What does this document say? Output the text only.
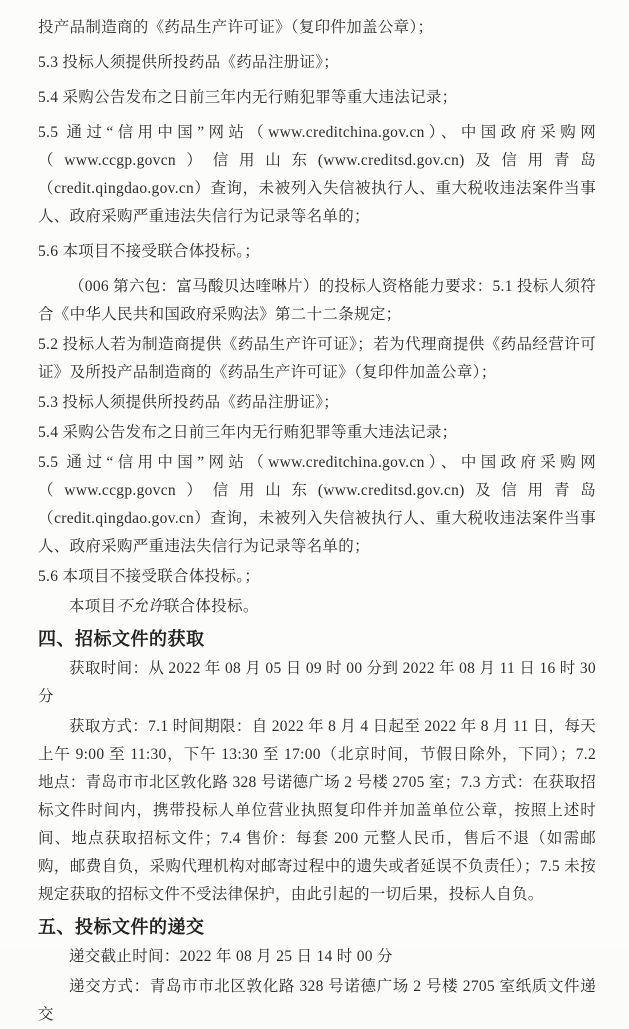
投产品制造商的《药品生产许可证》（复印件加盖公章）；

5.3 投标人须提供所投药品《药品注册证》；

5.4 采购公告发布之日前三年内无行贿犯罪等重大违法记录；

5.5 通过“信用中国”网站（www.creditchina.gov.cn）、中国政府采购网（www.ccgp.govcn）信用山东(www.creditsd.gov.cn)及信用青岛（credit.qingdao.gov.cn）查询，未被列入失信被执行人、重大税收违法案件当事人、政府采购严重违法失信行为记录等名单的；

5.6 本项目不接受联合体投标。；

（006 第六包：富马酸贝达喹啉片）的投标人资格能力要求：5.1 投标人须符合《中华人民共和国政府采购法》第二十二条规定；

5.2 投标人若为制造商提供《药品生产许可证》；若为代理商提供《药品经营许可证》及所投产品制造商的《药品生产许可证》（复印件加盖公章）；

5.3 投标人须提供所投药品《药品注册证》；

5.4 采购公告发布之日前三年内无行贿犯罪等重大违法记录；

5.5 通过“信用中国”网站（www.creditchina.gov.cn）、中国政府采购网（www.ccgp.govcn）信用山东(www.creditsd.gov.cn)及信用青岛（credit.qingdao.gov.cn）查询，未被列入失信被执行人、重大税收违法案件当事人、政府采购严重违法失信行为记录等名单的；

5.6 本项目不接受联合体投标。；

本项目不允许联合体投标。

四、招标文件的获取

获取时间：从 2022 年 08 月 05 日 09 时 00 分到 2022 年 08 月 11 日 16 时 30 分

获取方式：7.1 时间期限：自 2022 年 8 月 4 日起至 2022 年 8 月 11 日，每天上午 9:00 至 11:30，下午 13:30 至 17:00（北京时间，节假日除外，下同）；7.2 地点：青岛市市北区敦化路 328 号诺德广场 2 号楼 2705 室；7.3 方式：在获取招标文件时间内，携带投标人单位营业执照复印件并加盖单位公章，按照上述时间、地点获取招标文件；7.4 售价：每套 200 元整人民币，售后不退（如需邮购，邮费自负，采购代理机构对邮寄过程中的遗失或者延误不负责任）；7.5 未按规定获取的招标文件不受法律保护，由此引起的一切后果，投标人自负。

五、投标文件的递交

递交截止时间：2022 年 08 月 25 日 14 时 00 分

递交方式：青岛市市北区敦化路 328 号诺德广场 2 号楼 2705 室纸质文件递交
